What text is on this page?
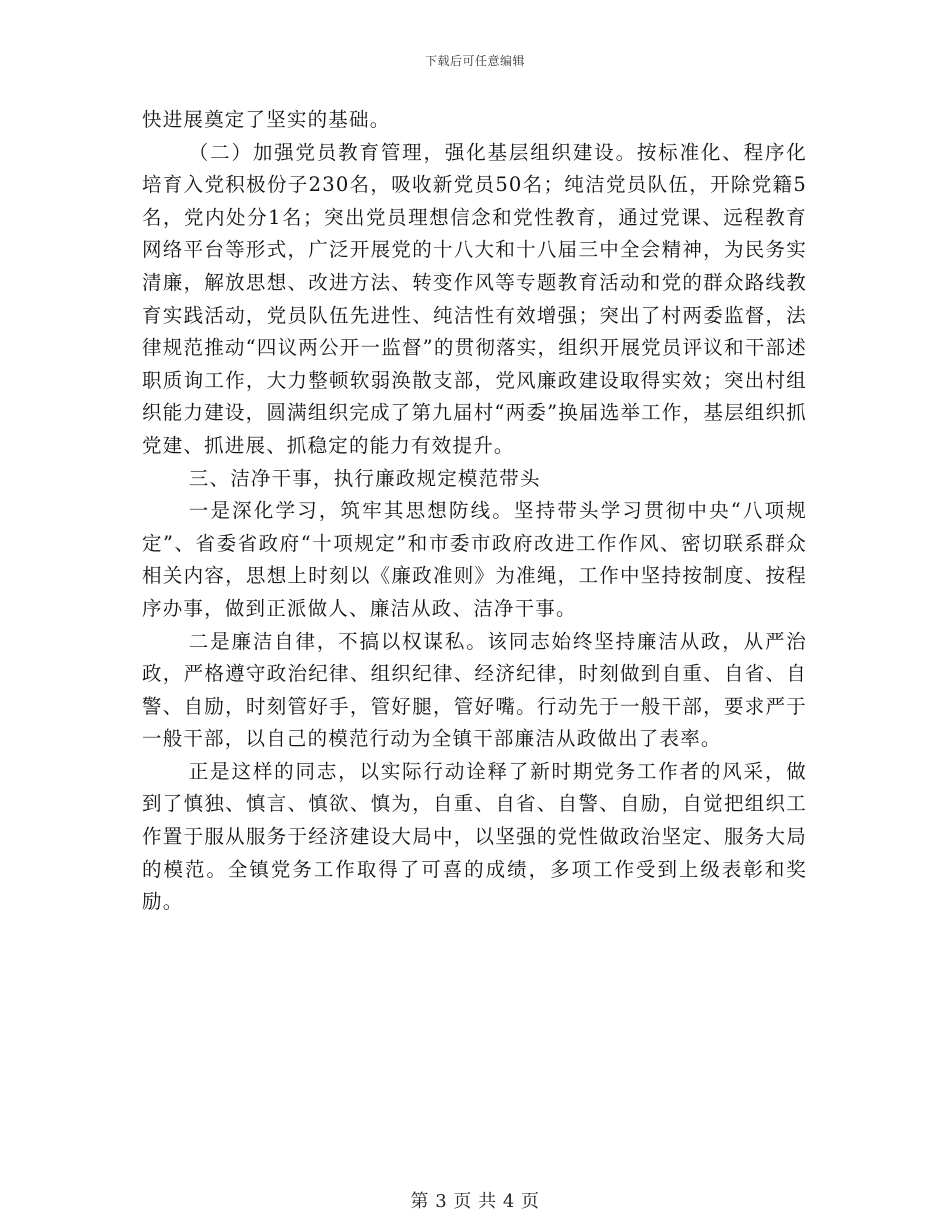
下载后可任意编辑

快进展奠定了坚实的基础。

（二）加强党员教育管理，强化基层组织建设。按标准化、程序化培育入党积极份子230名，吸收新党员50名；纯洁党员队伍，开除党籍5名，党内处分1名；突出党员理想信念和党性教育，通过党课、远程教育网络平台等形式，广泛开展党的十八大和十八届三中全会精神，为民务实清廉，解放思想、改进方法、转变作风等专题教育活动和党的群众路线教育实践活动，党员队伍先进性、纯洁性有效增强；突出了村两委监督，法律规范推动“四议两公开一监督”的贯彻落实，组织开展党员评议和干部述职质询工作，大力整顿软弱涣散支部，党风廉政建设取得实效；突出村组织能力建设，圆满组织完成了第九届村“两委”换届选举工作，基层组织抓党建、抓进展、抓稳定的能力有效提升。

三、洁净干事，执行廉政规定模范带头

一是深化学习，筑牢其思想防线。坚持带头学习贯彻中央“八项规定”、省委省政府“十项规定”和市委市政府改进工作作风、密切联系群众相关内容，思想上时刻以《廉政准则》为准绳，工作中坚持按制度、按程序办事，做到正派做人、廉洁从政、洁净干事。

二是廉洁自律，不搞以权谋私。该同志始终坚持廉洁从政，从严治政，严格遵守政治纪律、组织纪律、经济纪律，时刻做到自重、自省、自警、自励，时刻管好手，管好腿，管好嘴。行动先于一般干部，要求严于一般干部，以自己的模范行动为全镇干部廉洁从政做出了表率。

正是这样的同志，以实际行动诠释了新时期党务工作者的风采，做到了慎独、慎言、慎欲、慎为，自重、自省、自警、自励，自觉把组织工作置于服从服务于经济建设大局中，以坚强的党性做政治坚定、服务大局的模范。全镇党务工作取得了可喜的成绩，多项工作受到上级表彰和奖励。

第 3 页 共 4 页
